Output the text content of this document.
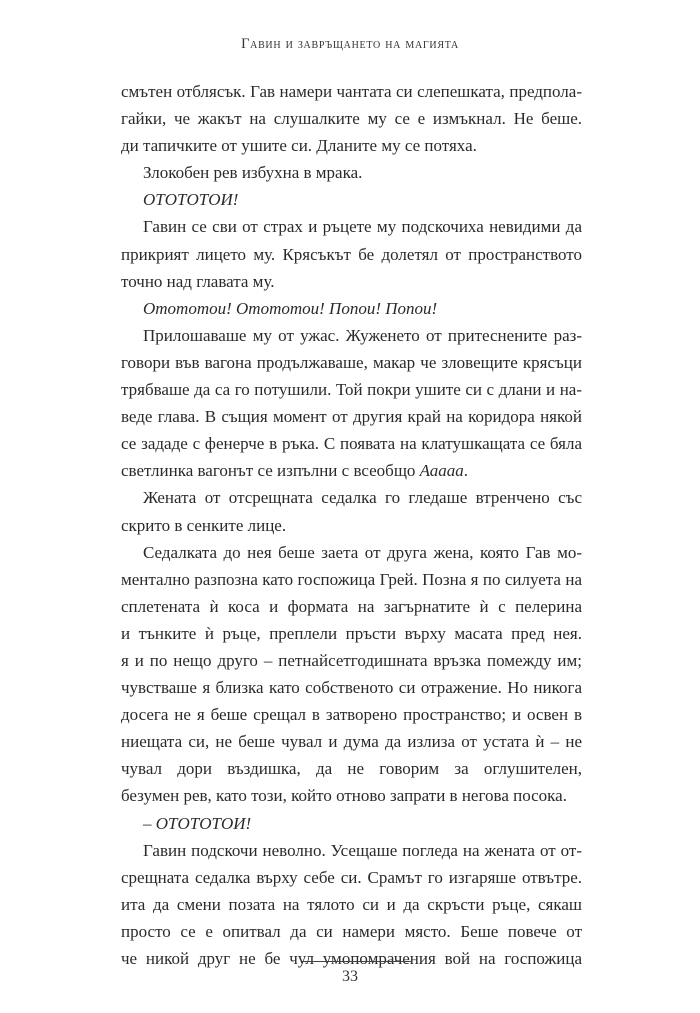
Гавин и завръщането на магията
смътен отблясък. Гав намери чантата си слепешката, предпола-
гайки, че жакът на слушалките му се е измъкнал. Не беше.
ди тапичките от ушите си. Дланите му се потяха.
Злокобен рев избухна в мрака.
ОТОТОТОИ!
Гавин се сви от страх и ръцете му подскочиха невидими да
прикрият лицето му. Крясъкът бе долетял от пространството
точно над главата му.
Отототои! Отототои! Попои! Попои!
Прилошаваше му от ужас. Жуженето от притеснените раз-
говори във вагона продължаваше, макар че зловещите крясъци
трябваше да са го потушили. Той покри ушите си с длани и на-
веде глава. В същия момент от другия край на коридора някой
се зададе с фенерче в ръка. С появата на клатушкащата се бяла
светлинка вагонът се изпълни с всеобщо Ааааа.
Жената от отсрещната седалка го гледаше втренчено със
скрито в сенките лице.
Седалката до нея беше заета от друга жена, която Гав мо-
ментално разпозна като госпожица Грей. Позна я по силуета на
сплетената ѝ коса и формата на загърнатите ѝ с пелерина
и тънките ѝ ръце, преплели пръсти върху масата пред нея.
я и по нещо друго – петнайсетгодишната връзка помежду им;
чувстваше я близка като собственото си отражение. Но никога
досега не я беше срещал в затворено пространство; и освен в
ниещата си, не беше чувал и дума да излиза от устата ѝ – не
чувал дори въздишка, да не говорим за оглушителен,
безумен рев, като този, който отново запрати в негова посока.
– ОТОТОТОИ!
Гавин подскочи неволно. Усещаше погледа на жената от от-
срещната седалка върху себе си. Срамът го изгаряше отвътре.
ита да смени позата на тялото си и да скръсти ръце, сякаш
просто се е опитвал да си намери място. Беше повече от
че никой друг не бе чул умопомрачения вой на госпожица
33
